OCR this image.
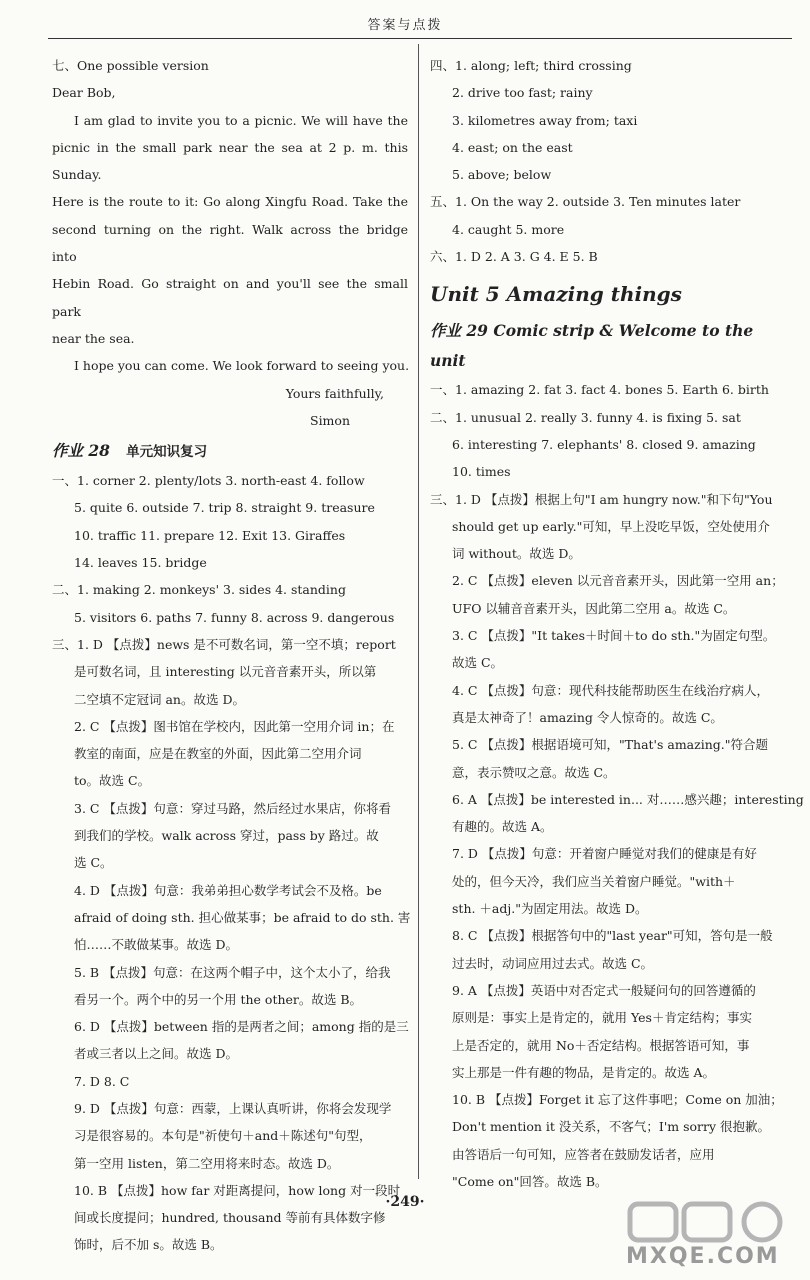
答案与点拨
七、One possible version
Dear Bob,
I am glad to invite you to a picnic. We will have the
picnic in the small park near the sea at 2 p. m. this Sunday.
Here is the route to it: Go along Xingfu Road. Take the
second turning on the right. Walk across the bridge into
Hebin Road. Go straight on and you'll see the small park
near the sea.
I hope you can come. We look forward to seeing you.
Yours faithfully,
Simon
作业 28 单元知识复习
一、1. corner 2. plenty/lots 3. north-east 4. follow
5. quite 6. outside 7. trip 8. straight 9. treasure
10. traffic 11. prepare 12. Exit 13. Giraffes
14. leaves 15. bridge
二、1. making 2. monkeys' 3. sides 4. standing
5. visitors 6. paths 7. funny 8. across 9. dangerous
三、1. D 【点拨】news 是不可数名词，第一空不填；report
是可数名词，且 interesting 以元音音素开头，所以第
二空填不定冠词 an。故选 D。
2. C 【点拨】图书馆在学校内，因此第一空用介词 in；在
教室的南面，应是在教室的外面，因此第二空用介词
to。故选 C。
3. C 【点拨】句意：穿过马路，然后经过水果店，你将看
到我们的学校。walk across 穿过，pass by 路过。故
选 C。
4. D 【点拨】句意：我弟弟担心数学考试会不及格。be
afraid of doing sth. 担心做某事；be afraid to do sth. 害
怕……不敢做某事。故选 D。
5. B 【点拨】句意：在这两个帽子中，这个太小了，给我
看另一个。两个中的另一个用 the other。故选 B。
6. D 【点拨】between 指的是两者之间；among 指的是三
者或三者以上之间。故选 D。
7. D 8. C
9. D 【点拨】句意：西蒙，上课认真听讲，你将会发现学
习是很容易的。本句是"祈使句＋and＋陈述句"句型，
第一空用 listen，第二空用将来时态。故选 D。
10. B 【点拨】how far 对距离提问，how long 对一段时
间或长度提问；hundred, thousand 等前有具体数字修
饰时，后不加 s。故选 B。
四、1. along; left; third crossing
2. drive too fast; rainy
3. kilometres away from; taxi
4. east; on the east
5. above; below
五、1. On the way 2. outside 3. Ten minutes later
4. caught 5. more
六、1. D 2. A 3. G 4. E 5. B
Unit 5 Amazing things
作业 29 Comic strip & Welcome to the unit
一、1. amazing 2. fat 3. fact 4. bones 5. Earth 6. birth
二、1. unusual 2. really 3. funny 4. is fixing 5. sat
6. interesting 7. elephants' 8. closed 9. amazing
10. times
三、1. D 【点拨】根据上句"I am hungry now."和下句"You
should get up early."可知，早上没吃早饭，空处使用介
词 without。故选 D。
2. C 【点拨】eleven 以元音音素开头，因此第一空用 an；
UFO 以辅音音素开头，因此第二空用 a。故选 C。
3. C 【点拨】"It takes＋时间＋to do sth."为固定句型。
故选 C。
4. C 【点拨】句意：现代科技能帮助医生在线治疗病人，
真是太神奇了！amazing 令人惊奇的。故选 C。
5. C 【点拨】根据语境可知，"That's amazing."符合题
意，表示赞叹之意。故选 C。
6. A 【点拨】be interested in... 对……感兴趣；interesting
有趣的。故选 A。
7. D 【点拨】句意：开着窗户睡觉对我们的健康是有好
处的，但今天冷，我们应当关着窗户睡觉。"with＋
sth. ＋adj."为固定用法。故选 D。
8. C 【点拨】根据答句中的"last year"可知，答句是一般
过去时，动词应用过去式。故选 C。
9. A 【点拨】英语中对否定式一般疑问句的回答遵循的
原则是：事实上是肯定的，就用 Yes＋肯定结构；事实
上是否定的，就用 No＋否定结构。根据答语可知，事
实上那是一件有趣的物品，是肯定的。故选 A。
10. B 【点拨】Forget it 忘了这件事吧；Come on 加油；
Don't mention it 没关系，不客气；I'm sorry 很抱歉。
由答语后一句可知，应答者在鼓励发话者，应用
"Come on"回答。故选 B。
·249·
MXQE.COM
